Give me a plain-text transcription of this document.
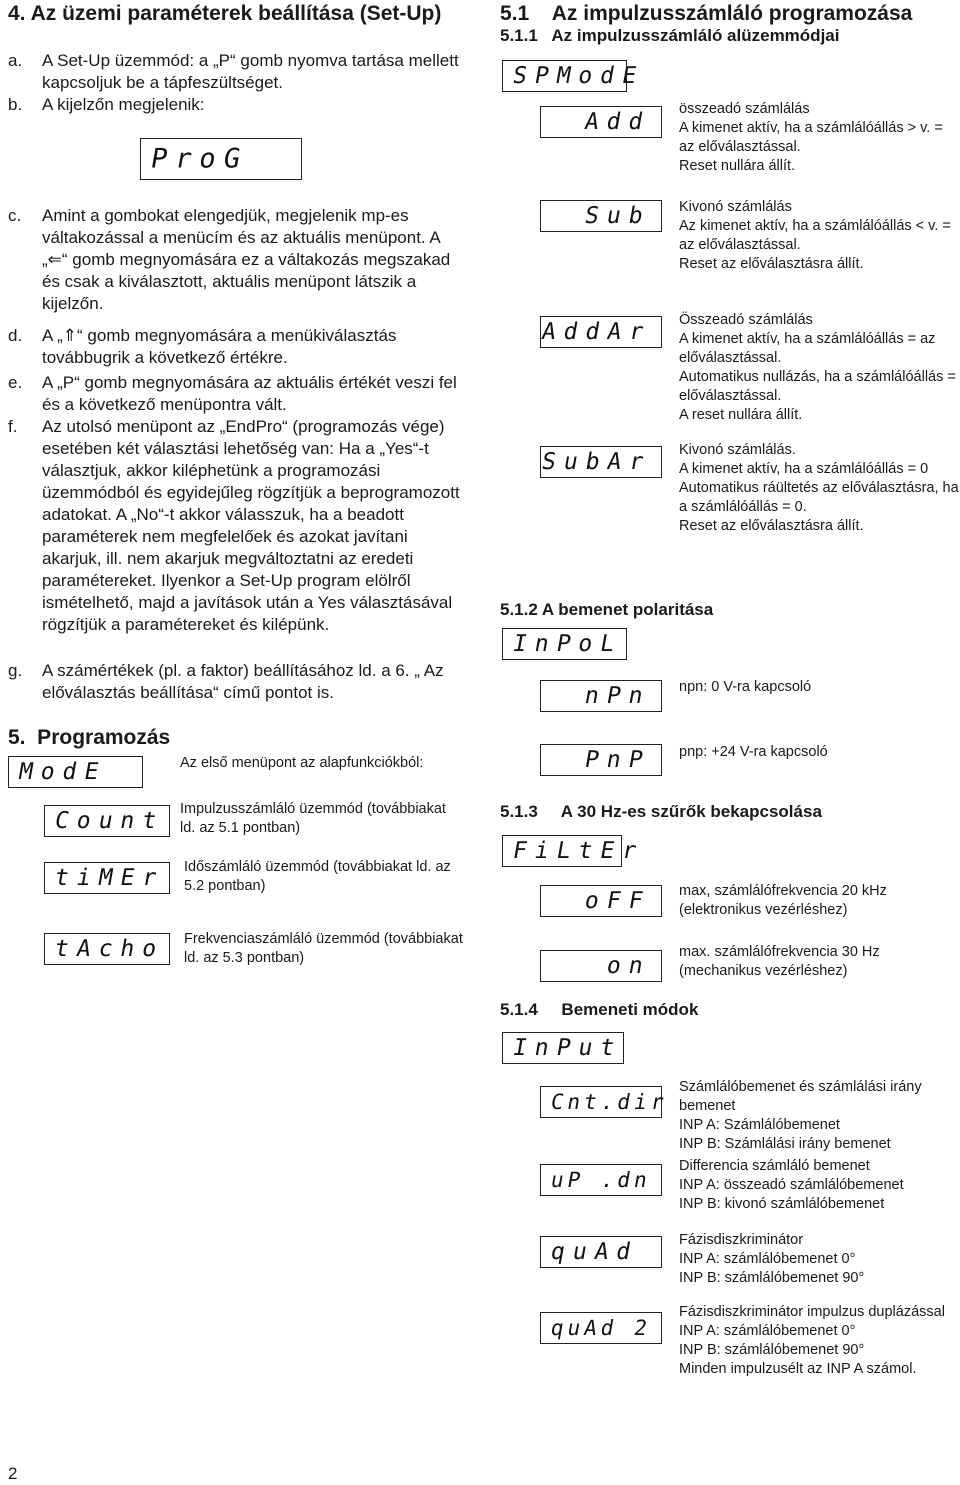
4. Az üzemi paraméterek beállítása (Set-Up)
a. A Set-Up üzemmód: a „P“ gomb nyomva tartása mellett kapcsoljuk be a tápfeszültséget.
b. A kijelzőn megjelenik:
ProG
c. Amint a gombokat elengedjük, megjelenik mp-es váltakozással a menücím és az aktuális menüpont. A „⇐“ gomb megnyomására ez a váltakozás megszakad és csak a kiválasztott, aktuális menüpont látszik a kijelzőn.
d. A „⇑“ gomb megnyomására a menükiválasztás továbbugrik a következő értékre.
e. A „P“ gomb megnyomására az aktuális értékét veszi fel és a következő menüpontra vált.
f. Az utolsó menüpont az „EndPro“ (programozás vége) esetében két választási lehetőség van: Ha a „Yes“-t választjuk, akkor kiléphetünk a programozási üzemmódból és egyidejűleg rögzítjük a beprogramozott adatokat. A „No“-t akkor válasszuk, ha a beadott paraméterek nem megfelelőek és azokat javítani akarjuk, ill. nem akarjuk megváltoztatni az eredeti paramétereket. Ilyenkor a Set-Up program elölről ismételhető, majd a javítások után a Yes választásával rögzítjük a paramétereket és kilépünk.
g. A számértékek (pl. a faktor) beállításához ld. a 6. „ Az előválasztás beállítása“ című pontot is.
5.  Programozás
ModE	Az első menüpont az alapfunkciókból:
Count Impulzusszámláló üzemmód (továbbiakat ld. az 5.1 pontban)
tiMEr Időszámláló üzemmód (továbbiakat ld. az 5.2 pontban)
tAcho Frekvenciaszámláló üzemmód (továbbiakat ld. az 5.3 pontban)
2
5.1    Az impulzusszámláló programozása
5.1.1   Az impulzusszámláló alüzemmódjai
SPModE
Add összeadó számlálás
A kimenet aktív, ha a számlálóállás > v. = az előválasztással.
Reset nullára állít.
Sub Kivonó számlálás
Az kimenet aktív, ha a számlálóállás < v. = az előválasztással.
Reset az előválasztásra állít.
AddAr Összeadó számlálás
A kimenet aktív, ha a számlálóállás = az előválasztással.
Automatikus nullázás, ha a számlálóállás = előválasztással.
A reset nullára állít.
SubAr Kivonó számlálás.
A kimenet aktív, ha a számlálóállás = 0
Automatikus ráültetés az előválasztásra, ha a számlálóállás = 0.
Reset az előválasztásra állít.
5.1.2 A bemenet polaritása
InPoL
nPn npn: 0 V-ra kapcsoló
PnP pnp: +24 V-ra kapcsoló
5.1.3     A 30 Hz-es szűrők bekapcsolása
FiLtEr
oFF max, számlálófrekvencia 20 kHz
(elektronikus vezérléshez)
on
max. számlálófrekvencia 30 Hz
(mechanikus vezérléshez)
5.1.4     Bemeneti módok
InPut
Cnt.dir
Számlálóbemenet és számlálási irány bemenet
INP A: Számlálóbemenet
INP B: Számlálási irány bemenet
uP .dn
Differencia számláló bemenet
INP A: összeadó számlálóbemenet
INP B: kivonó számlálóbemenet
quAd	Fázisdiszkriminátor
INP A: számlálóbemenet 0°
INP B: számlálóbemenet 90°
quAd 2
Fázisdiszkriminátor impulzus duplázással
INP A: számlálóbemenet 0°
INP B: számlálóbemenet 90°
Minden impulzusélt az INP A számol.
